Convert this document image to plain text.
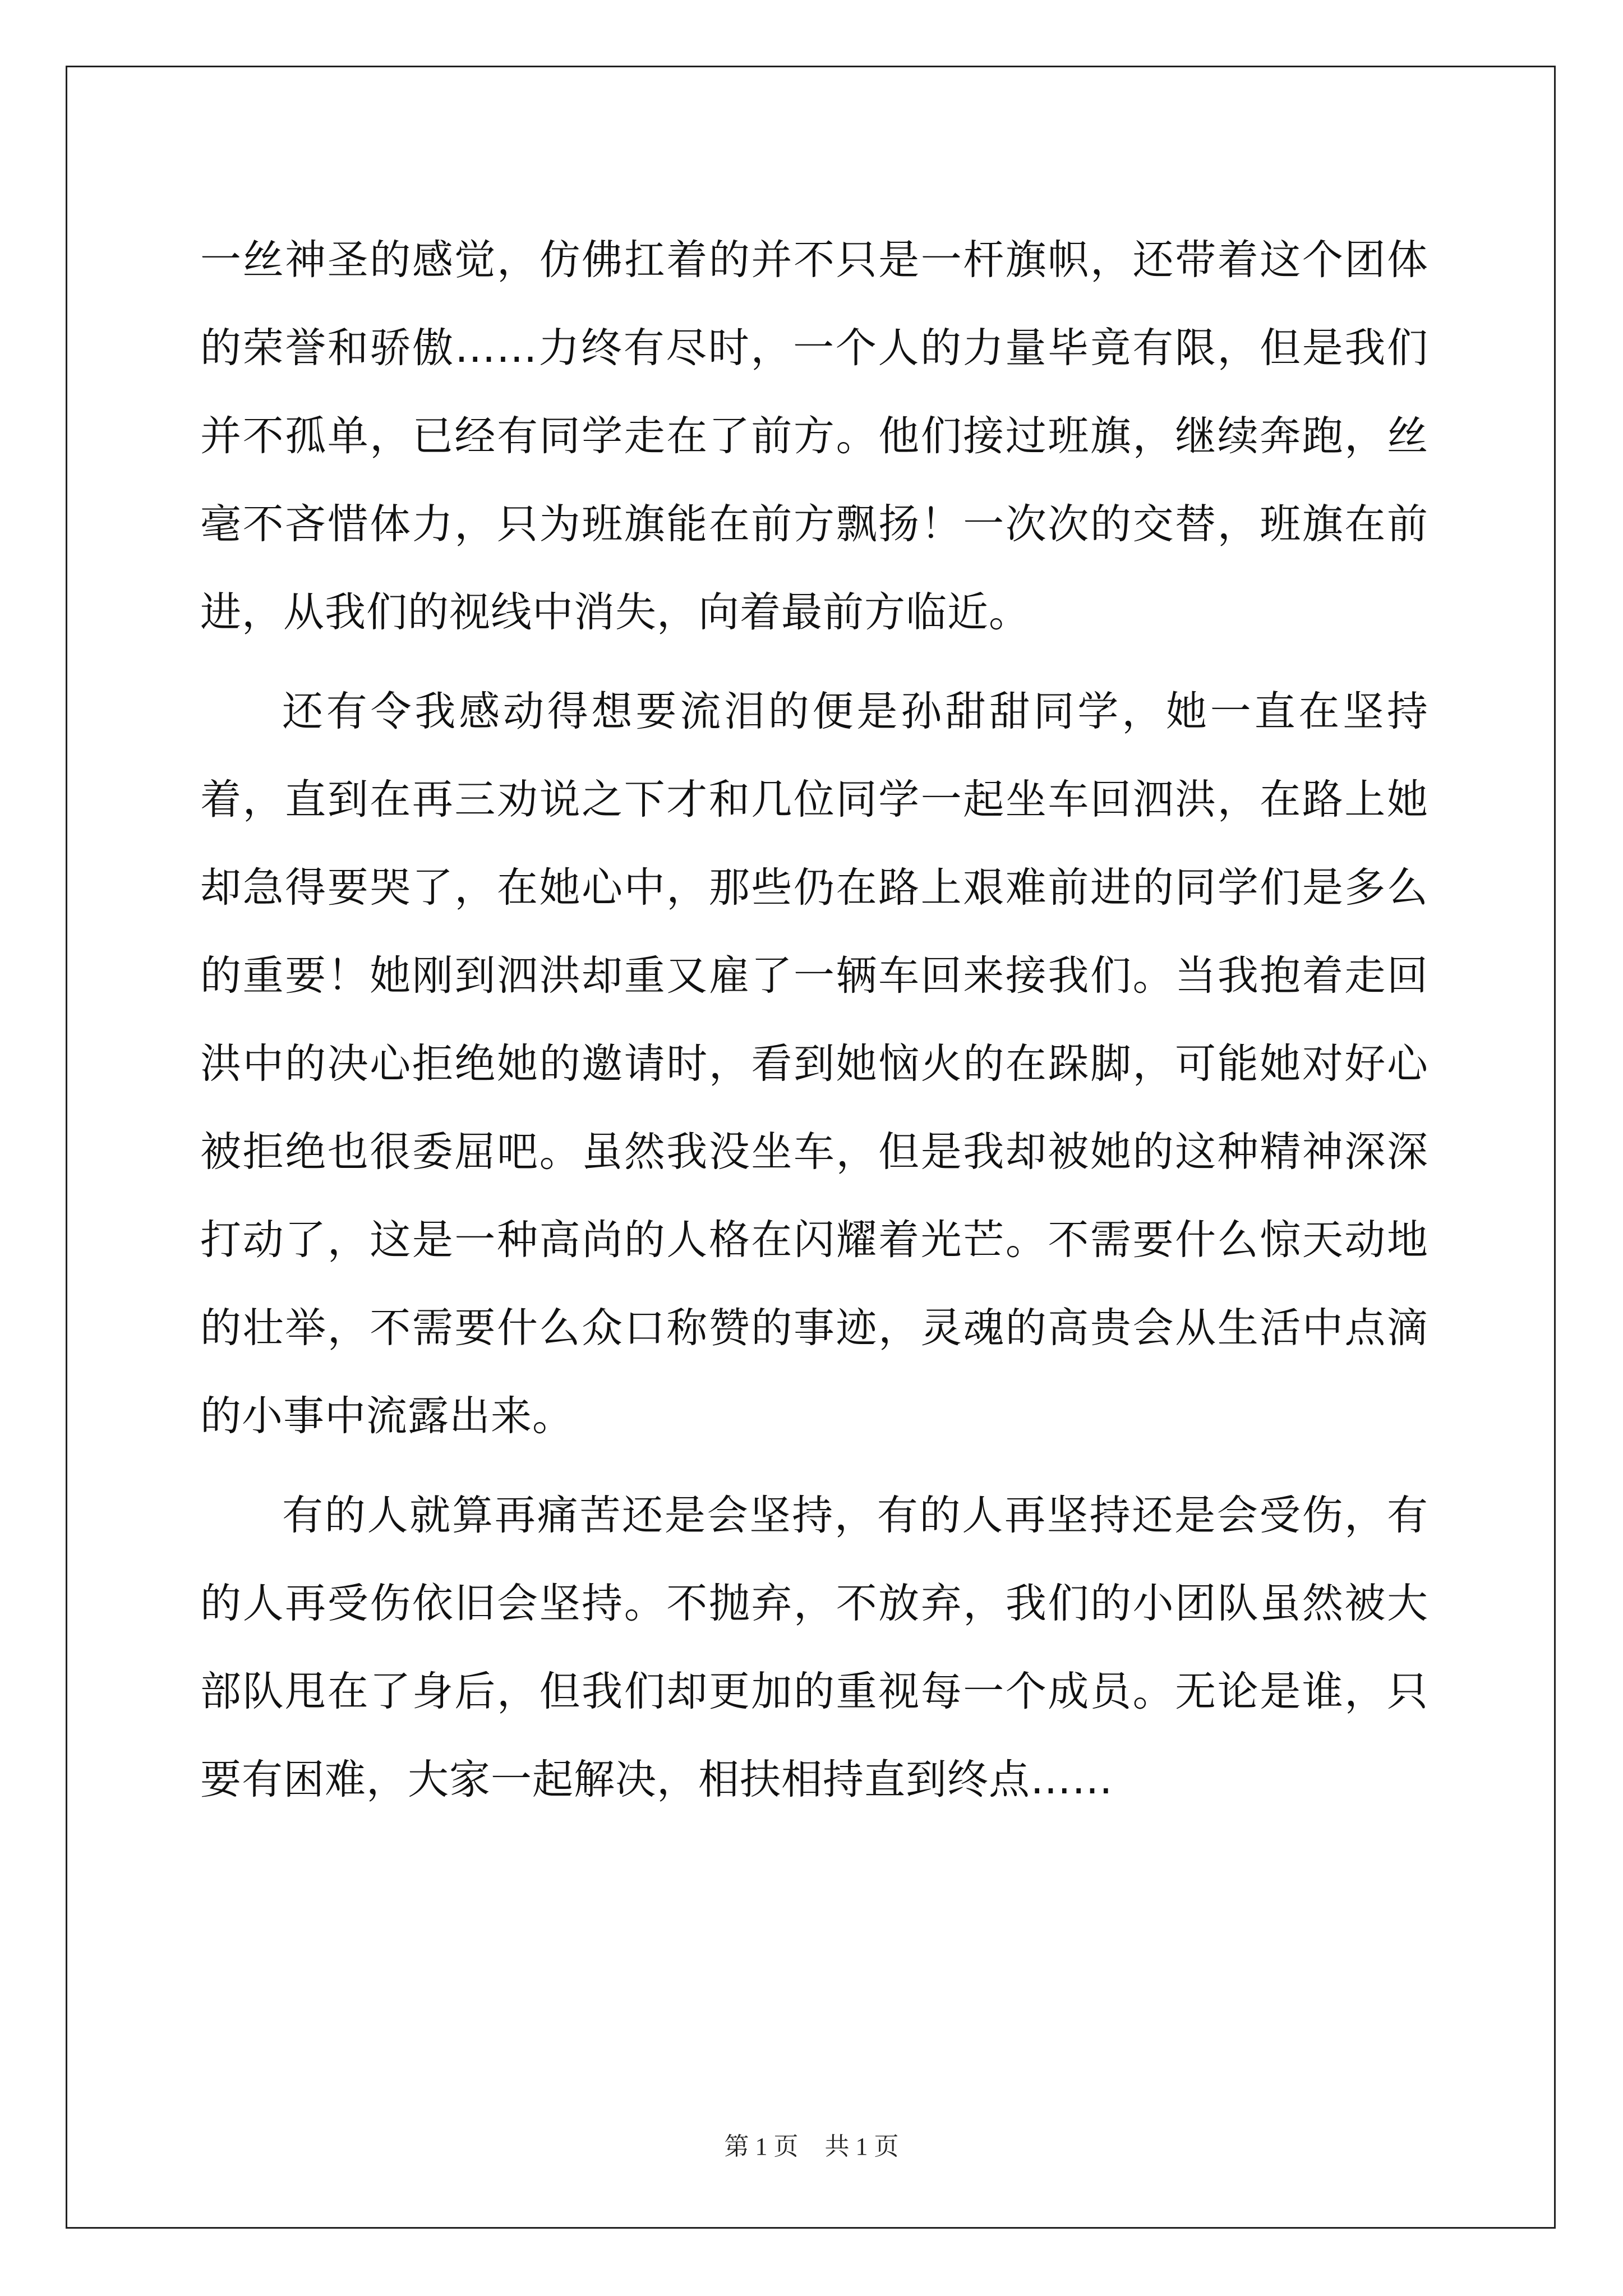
一丝神圣的感觉，仿佛扛着的并不只是一杆旗帜，还带着这个团体的荣誉和骄傲……力终有尽时，一个人的力量毕竟有限，但是我们并不孤单，已经有同学走在了前方。他们接过班旗，继续奔跑，丝毫不吝惜体力，只为班旗能在前方飘扬！一次次的交替，班旗在前进，从我们的视线中消失，向着最前方临近。

还有令我感动得想要流泪的便是孙甜甜同学，她一直在坚持着，直到在再三劝说之下才和几位同学一起坐车回泗洪，在路上她却急得要哭了，在她心中，那些仍在路上艰难前进的同学们是多么的重要！她刚到泗洪却重又雇了一辆车回来接我们。当我抱着走回洪中的决心拒绝她的邀请时，看到她恼火的在跺脚，可能她对好心被拒绝也很委屈吧。虽然我没坐车，但是我却被她的这种精神深深打动了，这是一种高尚的人格在闪耀着光芒。不需要什么惊天动地的壮举，不需要什么众口称赞的事迹，灵魂的高贵会从生活中点滴的小事中流露出来。

有的人就算再痛苦还是会坚持，有的人再坚持还是会受伤，有的人再受伤依旧会坚持。不抛弃，不放弃，我们的小团队虽然被大部队甩在了身后，但我们却更加的重视每一个成员。无论是谁，只要有困难，大家一起解决，相扶相持直到终点……

第 1 页 共 1 页
